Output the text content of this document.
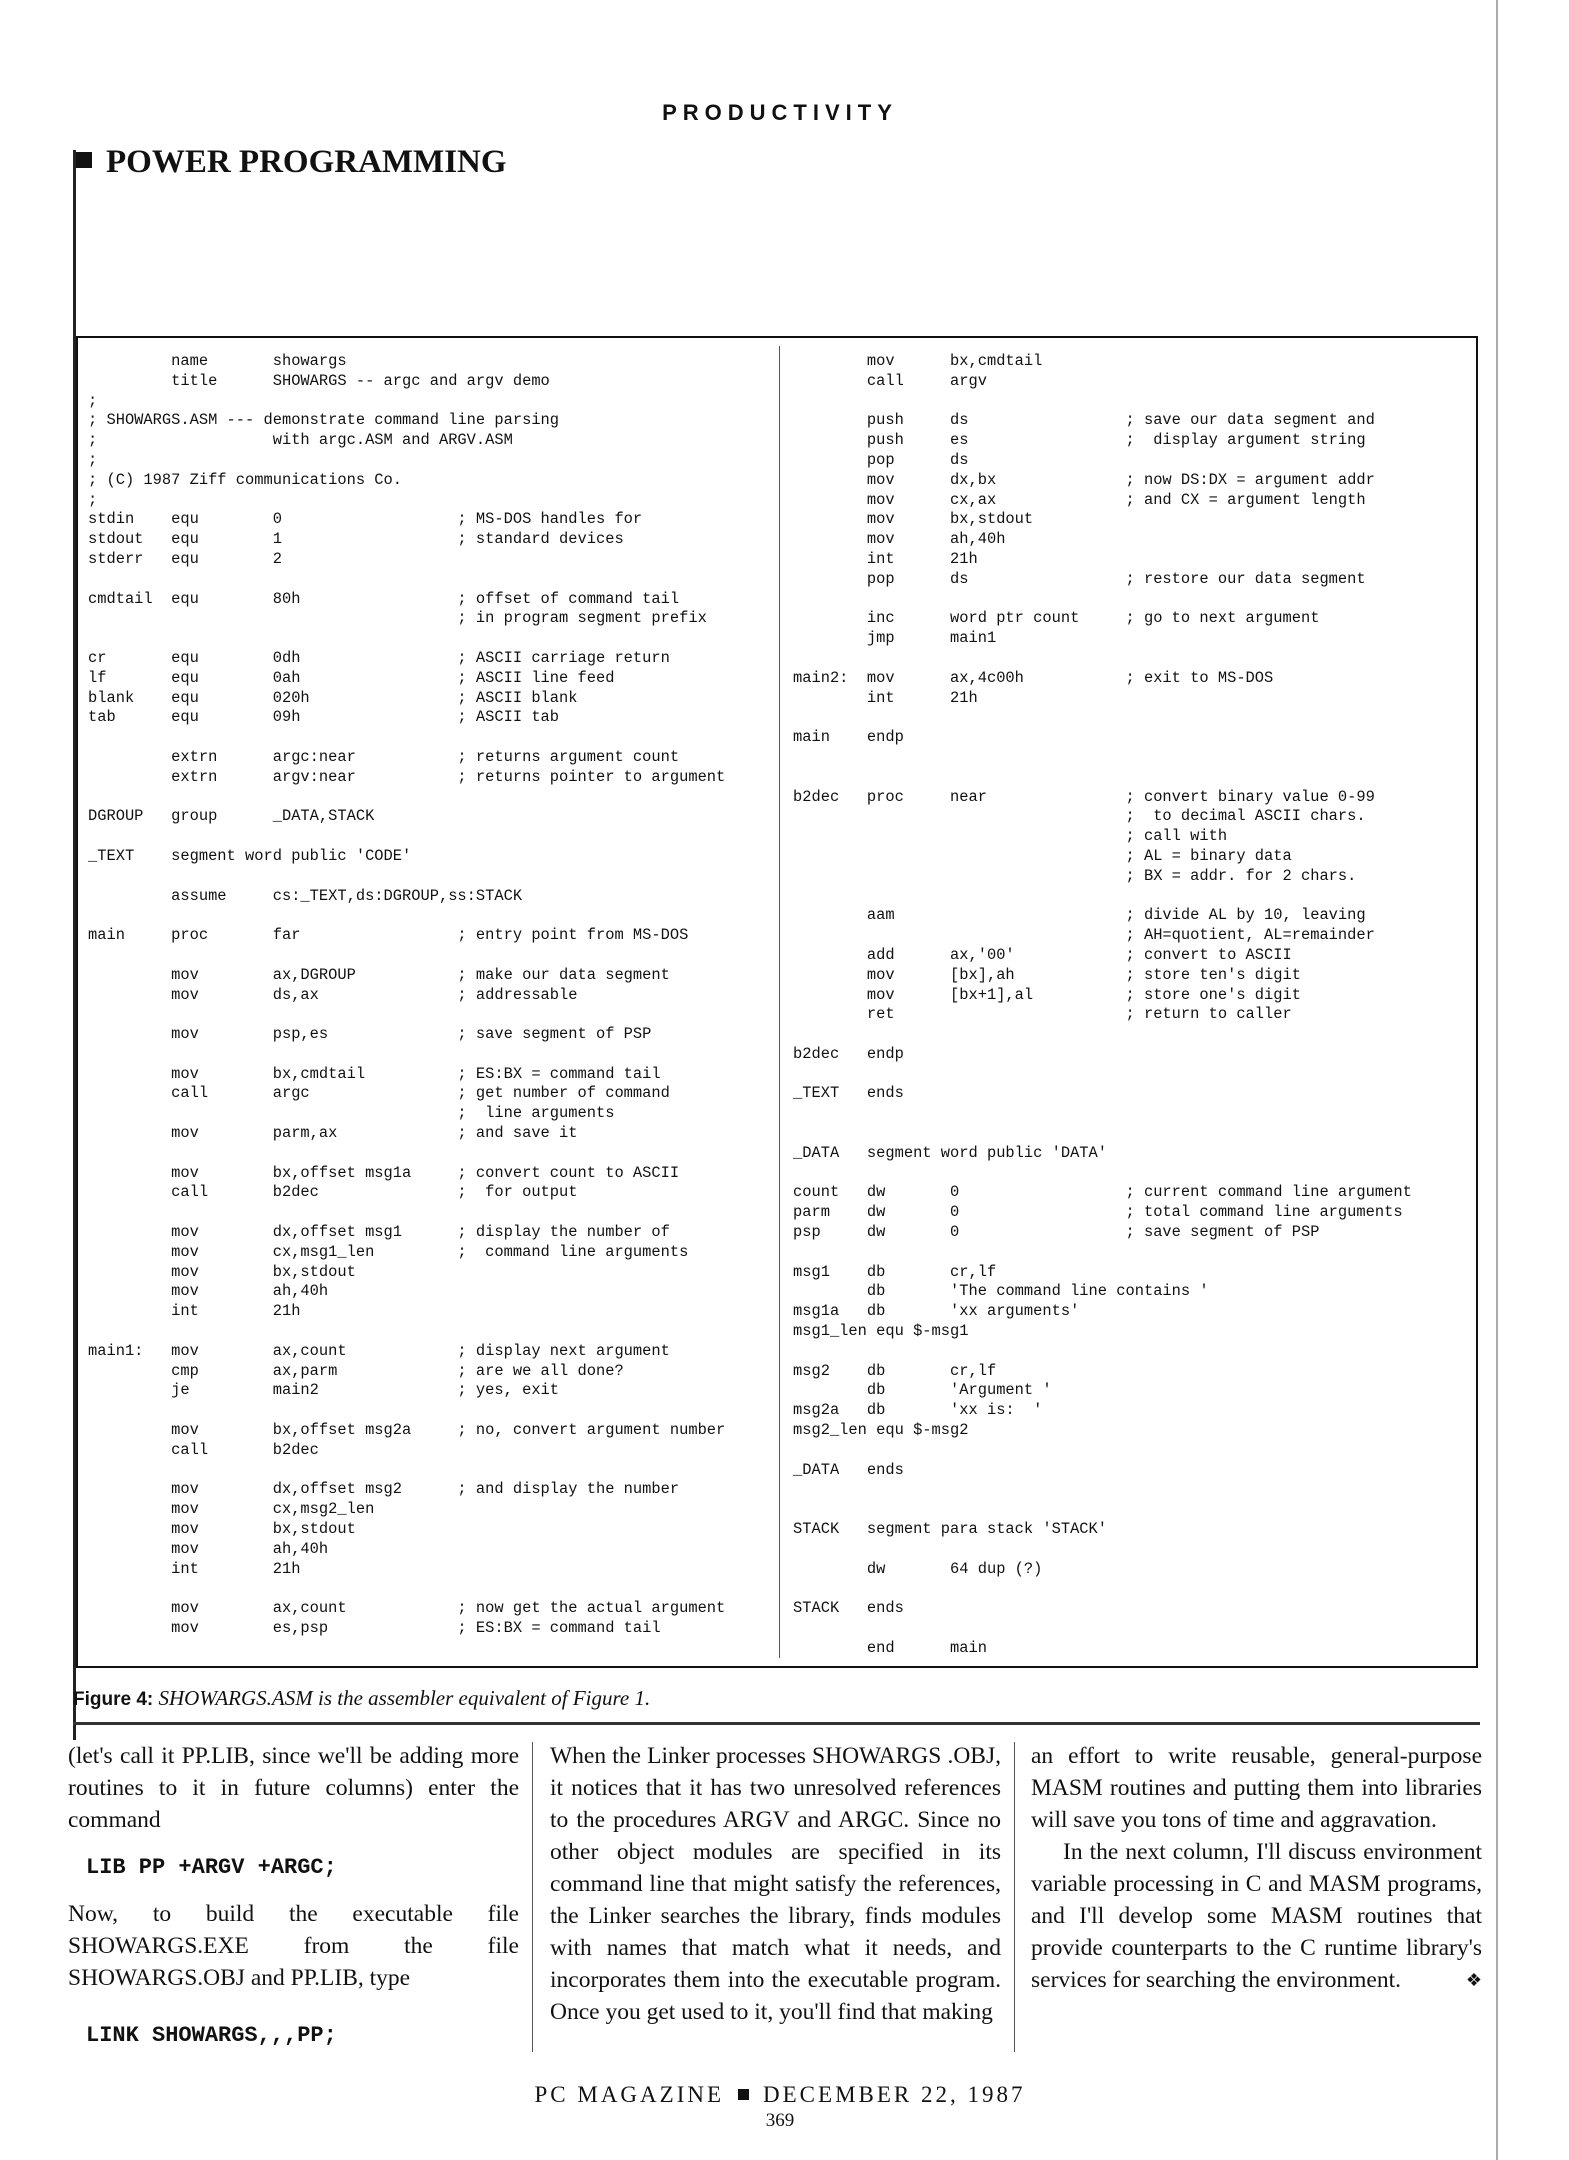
PRODUCTIVITY
POWER PROGRAMMING
name       showargs
title      SHOWARGS -- argc and argv demo
;
; SHOWARGS.ASM --- demonstrate command line parsing
;                   with argc.ASM and ARGV.ASM
;
; (C) 1987 Ziff communications Co.
;
stdin    equ        0                   ; MS-DOS handles for
stdout   equ        1                   ; standard devices
stderr   equ        2

cmdtail  equ        80h                 ; offset of command tail
; in program segment prefix

cr       equ        0dh                 ; ASCII carriage return
lf       equ        0ah                 ; ASCII line feed
blank    equ        020h                ; ASCII blank
tab      equ        09h                 ; ASCII tab

extrn      argc:near           ; returns argument count
extrn      argv:near           ; returns pointer to argument

DGROUP   group      _DATA,STACK

_TEXT    segment word public 'CODE'

assume     cs:_TEXT,ds:DGROUP,ss:STACK

main     proc       far                 ; entry point from MS-DOS

mov        ax,DGROUP           ; make our data segment
mov        ds,ax               ; addressable

mov        psp,es              ; save segment of PSP

mov        bx,cmdtail          ; ES:BX = command tail
call       argc                ; get number of command
;  line arguments
mov        parm,ax             ; and save it

mov        bx,offset msg1a     ; convert count to ASCII
call       b2dec               ;  for output

mov        dx,offset msg1      ; display the number of
mov        cx,msg1_len         ;  command line arguments
mov        bx,stdout
mov        ah,40h
int        21h

main1:   mov        ax,count            ; display next argument
cmp        ax,parm             ; are we all done?
je         main2               ; yes, exit

mov        bx,offset msg2a     ; no, convert argument number
call       b2dec

mov        dx,offset msg2      ; and display the number
mov        cx,msg2_len
mov        bx,stdout
mov        ah,40h
int        21h

mov        ax,count            ; now get the actual argument
mov        es,psp              ; ES:BX = command tail
mov      bx,cmdtail
call     argv

push     ds                 ; save our data segment and
push     es                 ;  display argument string
pop      ds
mov      dx,bx              ; now DS:DX = argument addr
mov      cx,ax              ; and CX = argument length
mov      bx,stdout
mov      ah,40h
int      21h
pop      ds                 ; restore our data segment

inc      word ptr count     ; go to next argument
jmp      main1

main2:  mov      ax,4c00h           ; exit to MS-DOS
int      21h

main    endp

b2dec   proc     near               ; convert binary value 0-99
;  to decimal ASCII chars.
; call with
; AL = binary data
; BX = addr. for 2 chars.

aam                         ; divide AL by 10, leaving
; AH=quotient, AL=remainder
add      ax,'00'            ; convert to ASCII
mov      [bx],ah            ; store ten's digit
mov      [bx+1],al          ; store one's digit
ret                         ; return to caller

b2dec   endp

_TEXT   ends

_DATA   segment word public 'DATA'

count   dw       0                  ; current command line argument
parm    dw       0                  ; total command line arguments
psp     dw       0                  ; save segment of PSP

msg1    db       cr,lf
db       'The command line contains '
msg1a   db       'xx arguments'
msg1_len equ $-msg1

msg2    db       cr,lf
db       'Argument '
msg2a   db       'xx is:  '
msg2_len equ $-msg2

_DATA   ends

STACK   segment para stack 'STACK'

dw       64 dup (?)

STACK   ends

end      main
Figure 4: SHOWARGS.ASM is the assembler equivalent of Figure 1.

(let's call it PP.LIB, since we'll be adding more routines to it in future columns) enter the command

LIB PP +ARGV +ARGC;

Now, to build the executable file SHOWARGS.EXE from the file SHOWARGS.OBJ and PP.LIB, type

LINK SHOWARGS,,,PP;

When the Linker processes SHOWARGS .OBJ, it notices that it has two unresolved references to the procedures ARGV and ARGC. Since no other object modules are specified in its command line that might satisfy the references, the Linker searches the library, finds modules with names that match what it needs, and incorporates them into the executable program. Once you get used to it, you'll find that making

an effort to write reusable, general-purpose MASM routines and putting them into libraries will save you tons of time and aggravation.

In the next column, I'll discuss environment variable processing in C and MASM programs, and I'll develop some MASM routines that provide counterparts to the C runtime library's services for searching the environment.	❖

PC MAGAZINE DECEMBER 22, 1987
369
